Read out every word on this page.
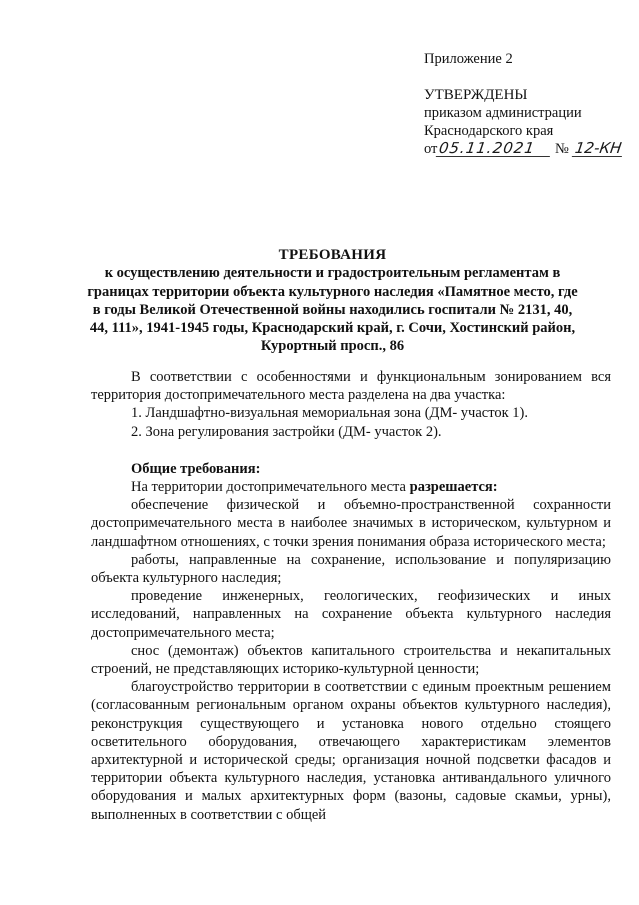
Приложение 2
УТВЕРЖДЕНЫ
приказом администрации
Краснодарского края
от05.11.2021 № 12-КН
ТРЕБОВАНИЯ
к осуществлению деятельности и градостроительным регламентам в
границах территории объекта культурного наследия «Памятное место, где
в годы Великой Отечественной войны находились госпитали № 2131, 40,
44, 111», 1941-1945 годы, Краснодарский край, г. Сочи, Хостинский район,
Курортный просп., 86

В соответствии с особенностями и функциональным зонированием вся территория достопримечательного места разделена на два участка:

1. Ландшафтно-визуальная мемориальная зона (ДМ- участок 1).

2. Зона регулирования застройки (ДМ- участок 2).

Общие требования:

На территории достопримечательного места разрешается:

обеспечение физической и объемно-пространственной сохранности достопримечательного места в наиболее значимых в историческом, культурном и ландшафтном отношениях, с точки зрения понимания образа исторического места;

работы, направленные на сохранение, использование и популяризацию объекта культурного наследия;

проведение инженерных, геологических, геофизических и иных исследований, направленных на сохранение объекта культурного наследия достопримечательного места;

снос (демонтаж) объектов капитального строительства и некапитальных строений, не представляющих историко-культурной ценности;

благоустройство территории в соответствии с единым проектным решением (согласованным региональным органом охраны объектов культурного наследия), реконструкция существующего и установка нового отдельно стоящего осветительного оборудования, отвечающего характеристикам элементов архитектурной и исторической среды; организация ночной подсветки фасадов и территории объекта культурного наследия, установка антивандального уличного оборудования и малых архитектурных форм (вазоны, садовые скамьи, урны), выполненных в соответствии с общей
